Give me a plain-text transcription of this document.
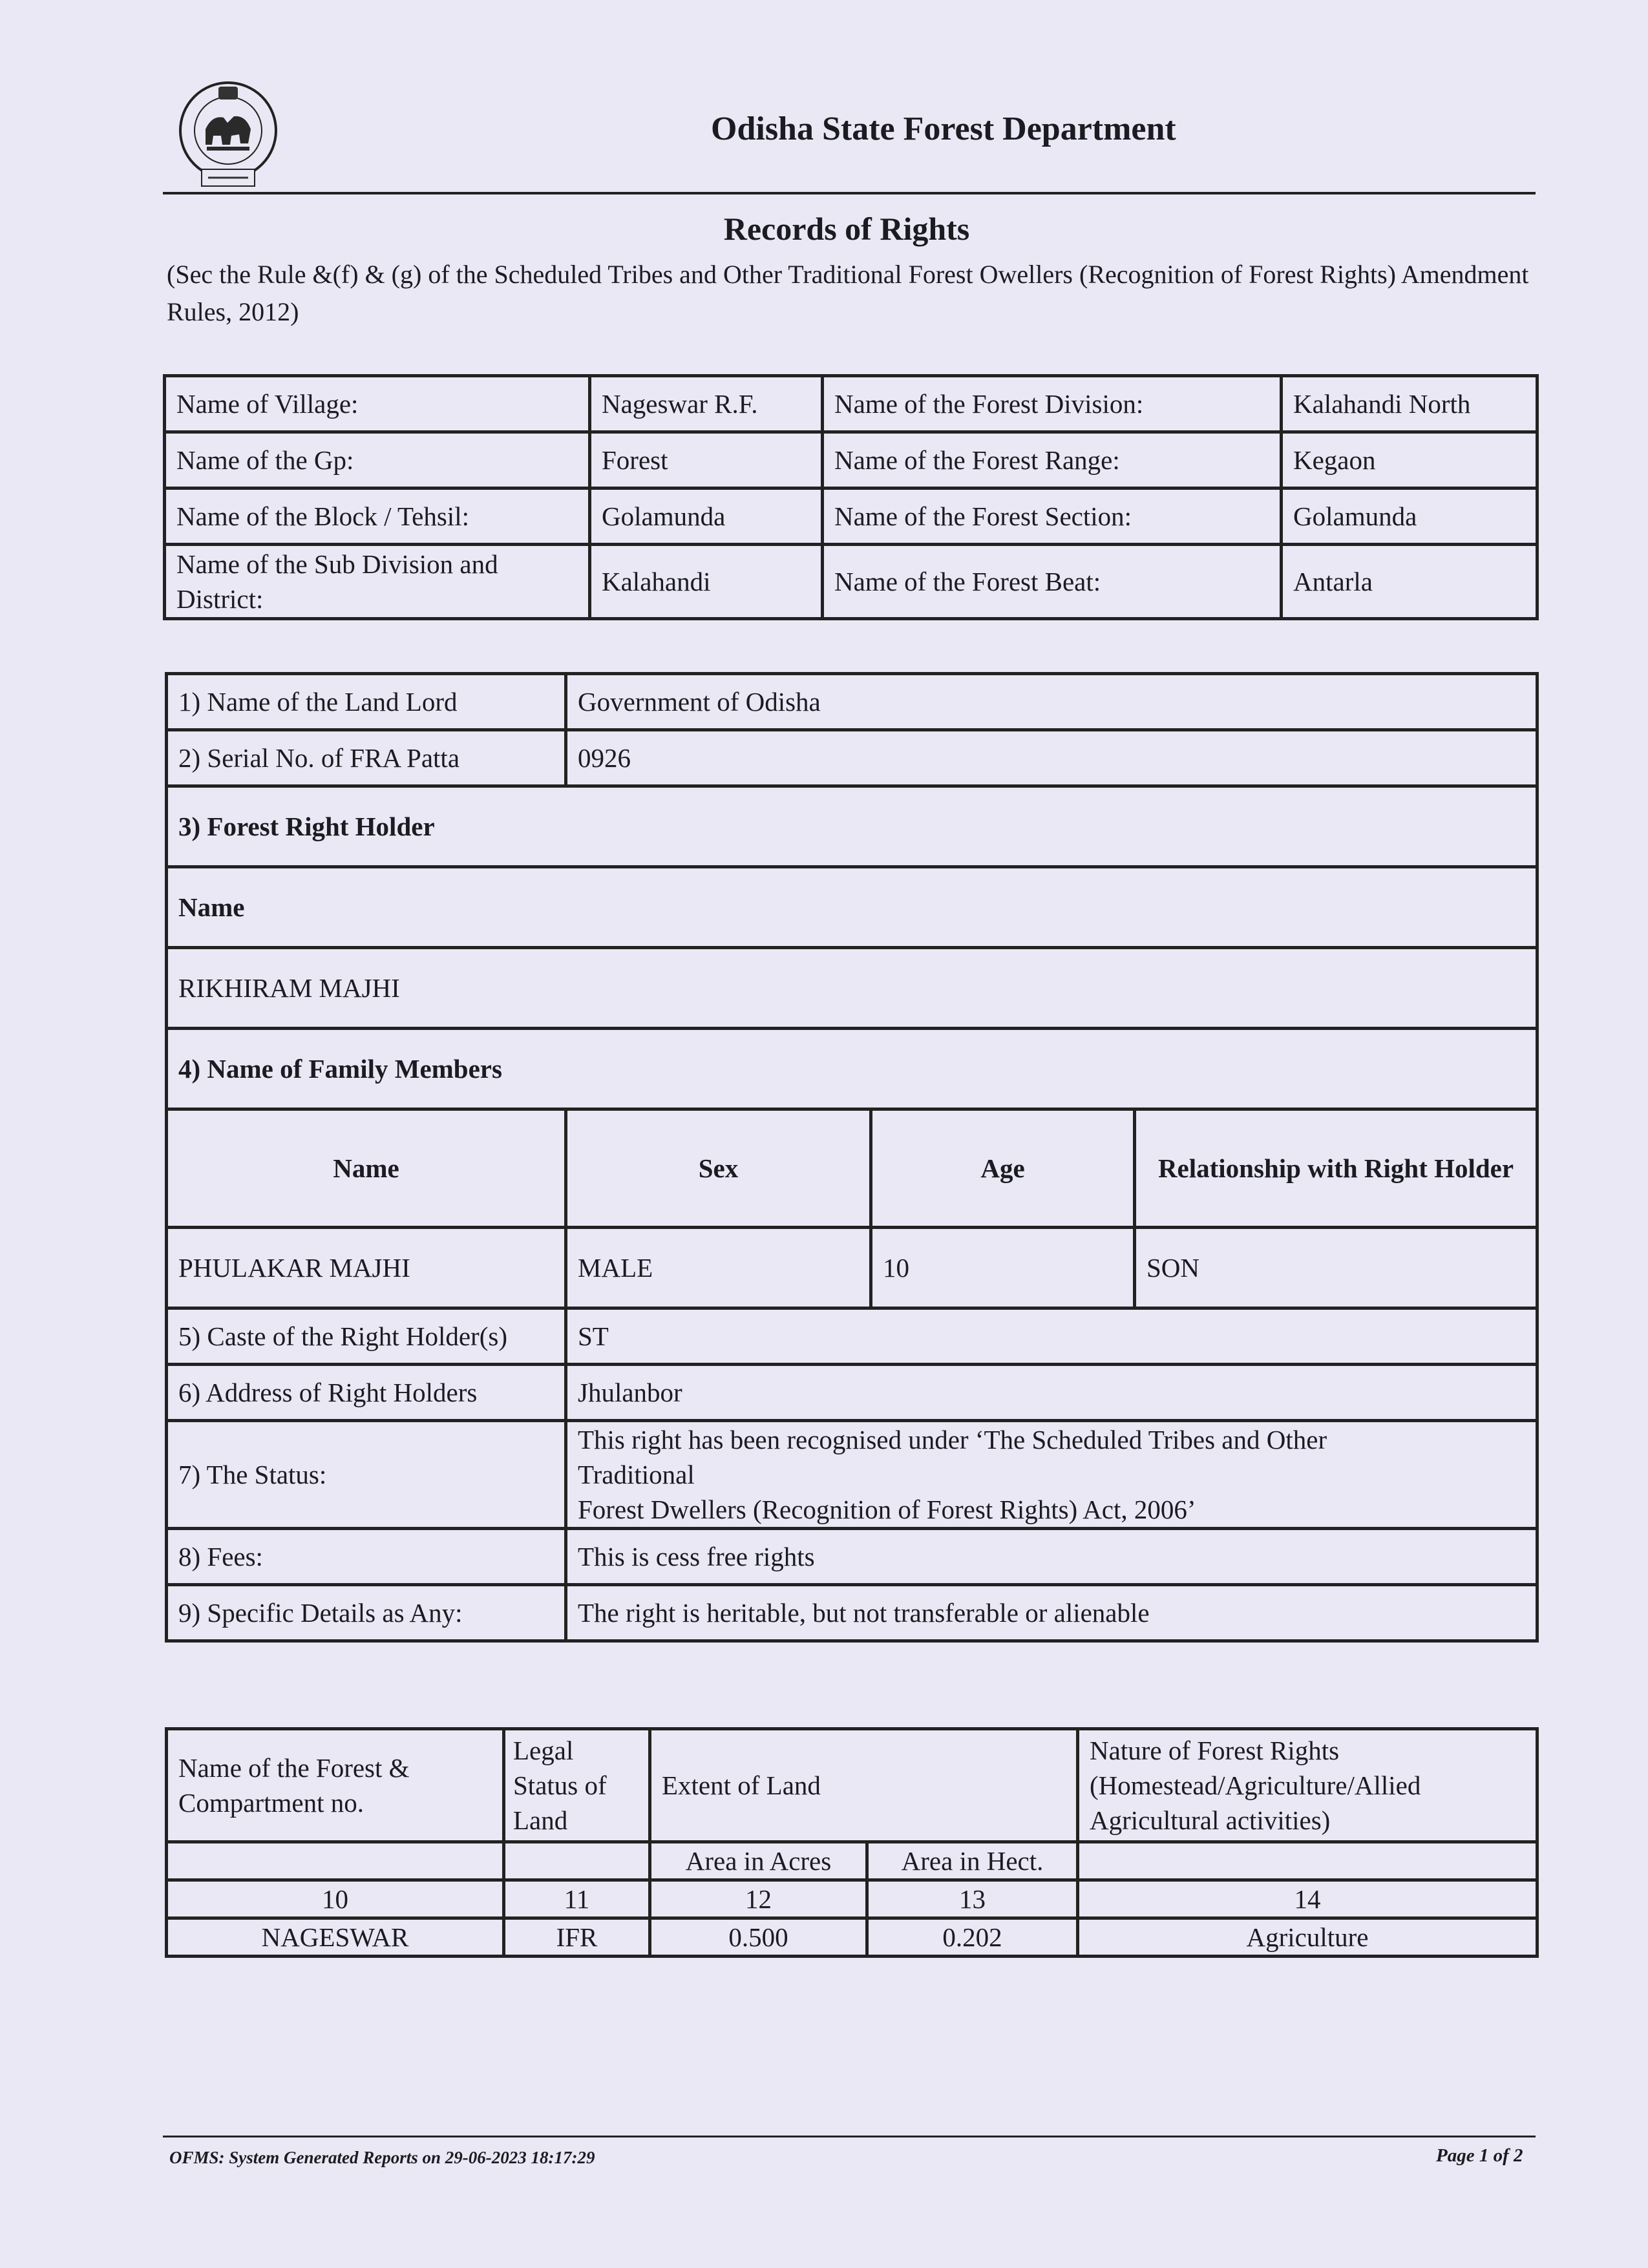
Odisha State Forest Department
Records of Rights
(Sec the Rule &(f) & (g) of the Scheduled Tribes and Other Traditional Forest Owellers (Recognition of Forest Rights) Amendment Rules, 2012)
Name of Village:	Nageswar R.F.	Name of the Forest Division:	Kalahandi North
Name of the Gp:	Forest	Name of the Forest Range:	Kegaon
Name of the Block / Tehsil:	Golamunda	Name of the Forest Section:	Golamunda
Name of the Sub Division and District:	Kalahandi	Name of the Forest Beat:	Antarla
1) Name of the Land Lord	Government of Odisha		
2) Serial No. of FRA Patta	0926		
3) Forest Right Holder			
Name			
RIKHIRAM MAJHI			
4) Name of Family Members			
Name	Sex	Age	Relationship with Right Holder
PHULAKAR MAJHI	MALE	10	SON
5) Caste of the Right Holder(s)	ST		
6) Address of Right Holders	Jhulanbor		
7) The Status:	This right has been recognised under ‘The Scheduled Tribes and Other
Traditional
Forest Dwellers (Recognition of Forest Rights) Act, 2006’		

8) Fees:	This is cess free rights		
9) Specific Details as Any:	The right is heritable, but not transferable or alienable		
Name of the Forest & Compartment no.	Legal Status of Land	Extent of Land		Nature of Forest Rights (Homestead/Agriculture/Allied Agricultural activities)
		Area in Acres	Area in Hect.	
10	11	12	13	14
NAGESWAR	IFR	0.500	0.202	Agriculture
OFMS: System Generated Reports on 29-06-2023 18:17:29	Page 1 of 2
